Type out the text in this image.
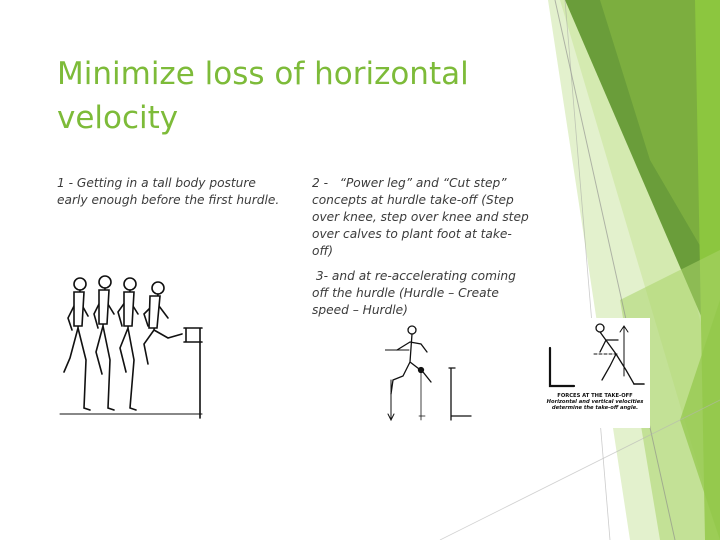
Minimize loss of horizontal
velocity

1 - Getting in a tall body posture
early enough before the first hurdle.

2 -   “Power leg” and “Cut step”
concepts at hurdle take-off (Step
over knee, step over knee and step
over calves to plant foot at take-
off)

3- and at re-accelerating coming
off the hurdle (Hurdle – Create
speed – Hurdle)

FORCES AT THE TAKE-OFF
Horizontal and vertical velocities
determine the take-off angle.
